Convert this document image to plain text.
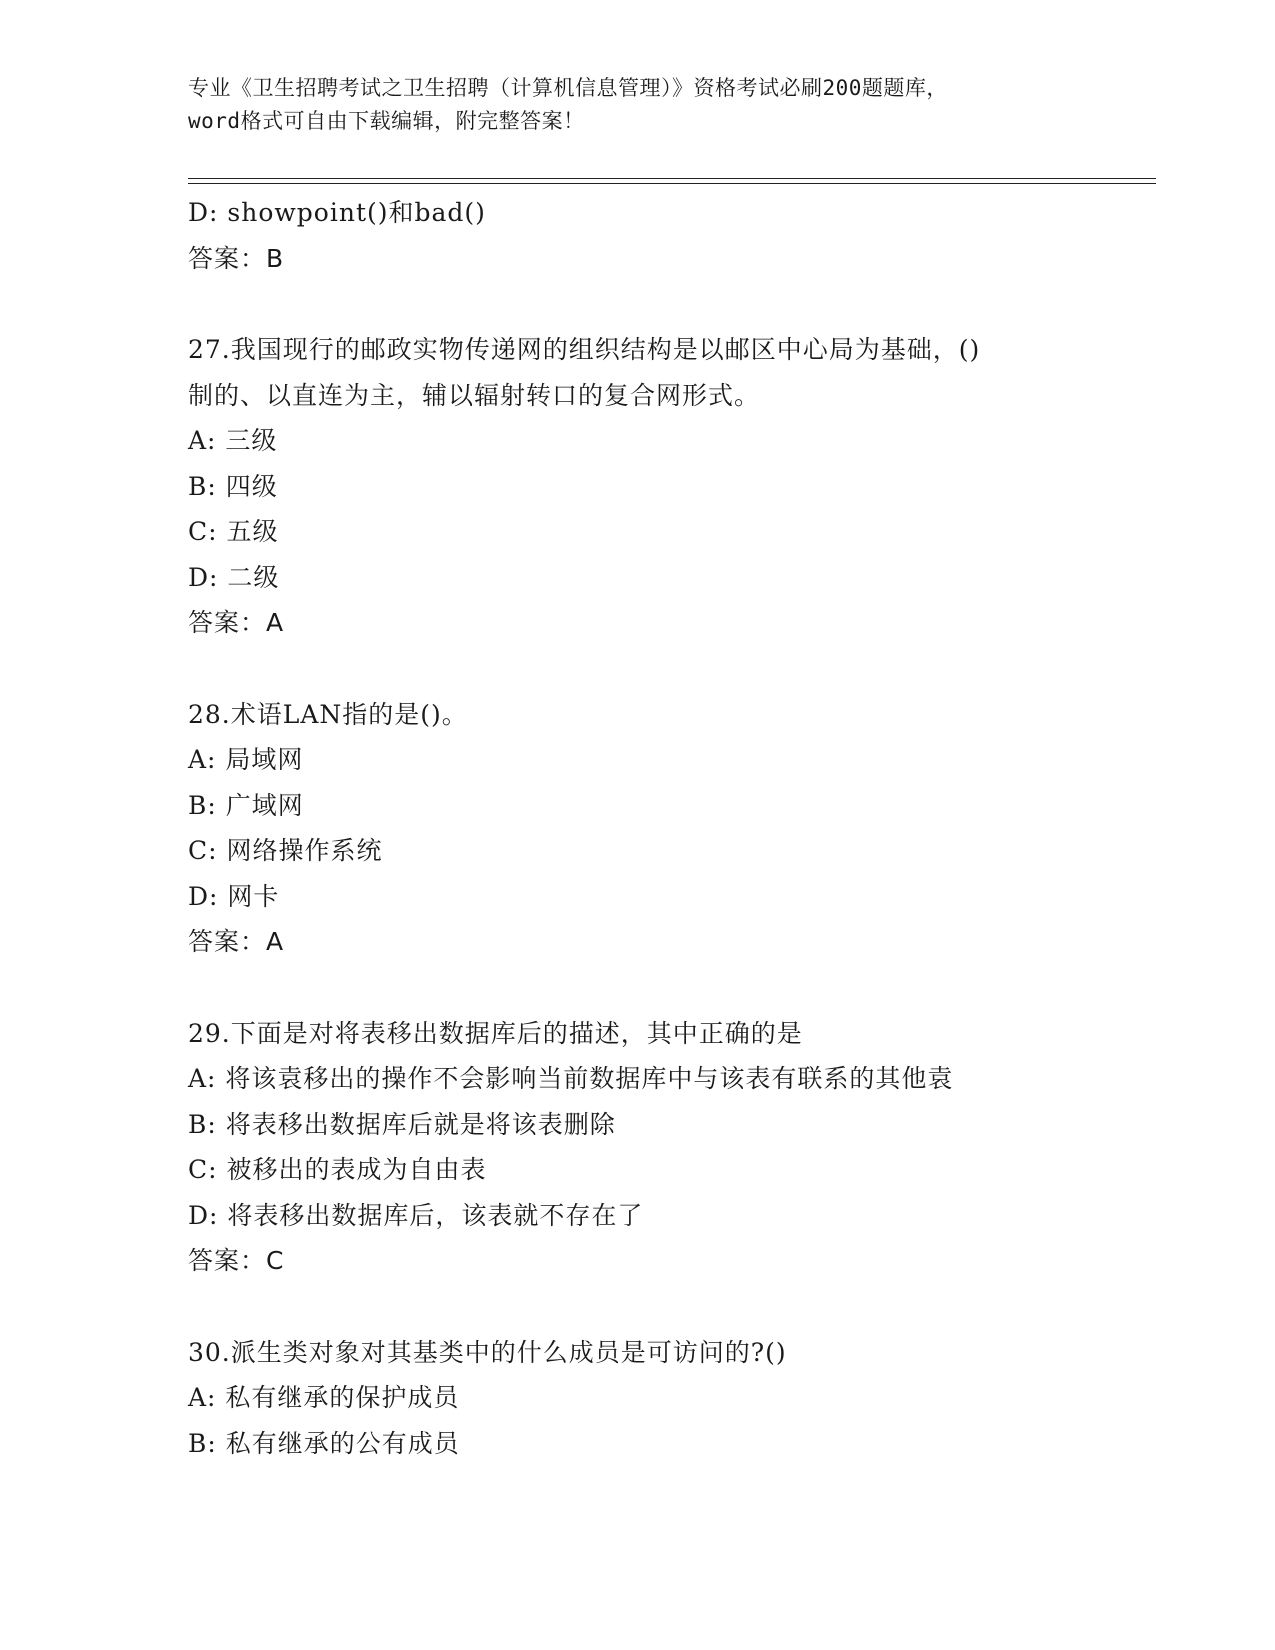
专业《卫生招聘考试之卫生招聘（计算机信息管理）》资格考试必刷200题题库，
word格式可自由下载编辑，附完整答案！
D: showpoint()和bad()
答案：B
27.我国现行的邮政实物传递网的组织结构是以邮区中心局为基础，()
制的、以直连为主，辅以辐射转口的复合网形式。
A: 三级
B: 四级
C: 五级
D: 二级
答案：A
28.术语LAN指的是()。
A: 局域网
B: 广域网
C: 网络操作系统
D: 网卡
答案：A
29.下面是对将表移出数据库后的描述，其中正确的是
A: 将该袁移出的操作不会影响当前数据库中与该表有联系的其他袁
B: 将表移出数据库后就是将该表删除
C: 被移出的表成为自由表
D: 将表移出数据库后，该表就不存在了
答案：C
30.派生类对象对其基类中的什么成员是可访问的?()
A: 私有继承的保护成员
B: 私有继承的公有成员
